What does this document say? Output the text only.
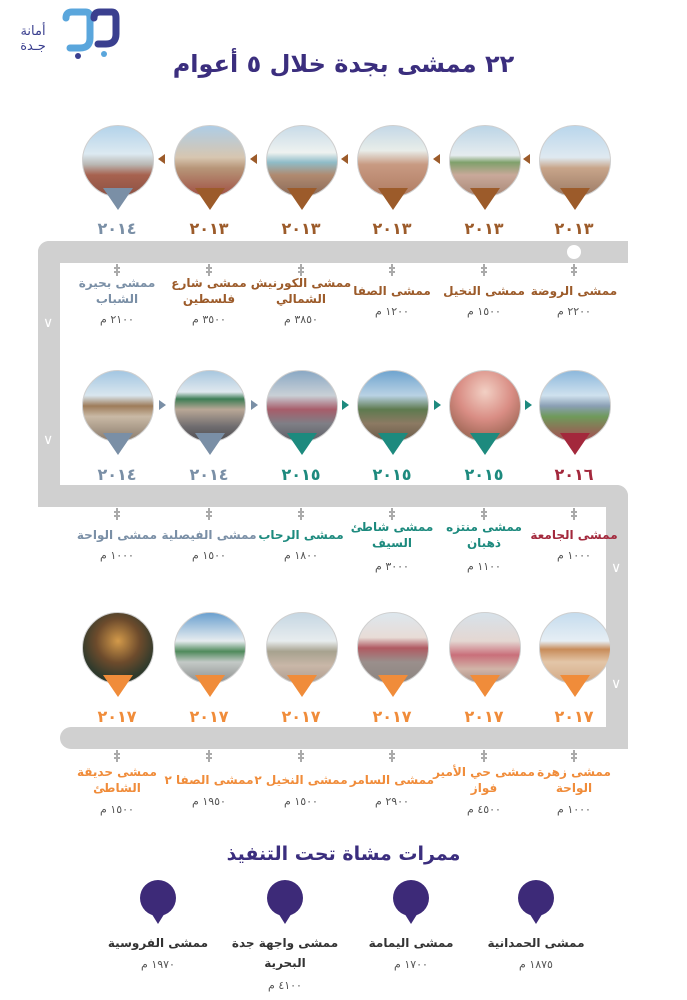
أمانة
جـدة
٢٢ ممشى بجدة خلال ٥ أعوام
∨
∨
∨
∨
٢٠١٣
ممشى الروضة
٢٢٠٠ م
٢٠١٣
ممشى النخيل
١٥٠٠ م
٢٠١٣
ممشى الصفا
١٢٠٠ م
٢٠١٣
ممشى الكورنيش الشمالي
٣٨٥٠ م
٢٠١٣
ممشى شارع فلسطين
٣٥٠٠ م
٢٠١٤
ممشى بحيرة الشباب
٢١٠٠ م
٢٠١٦
ممشى الجامعة
١٠٠٠ م
٢٠١٥
ممشى منتزه ذهبان
١١٠٠ م
٢٠١٥
ممشى شاطئ السيف
٣٠٠٠ م
٢٠١٥
ممشى الرحاب
١٨٠٠ م
٢٠١٤
ممشى الفيصلية
١٥٠٠ م
٢٠١٤
ممشى الواحة
١٠٠٠ م
٢٠١٧
ممشى زهرة الواحة
١٠٠٠ م
٢٠١٧
ممشى حي الأمير فواز
٤٥٠٠ م
٢٠١٧
ممشى السامر
٢٩٠٠ م
٢٠١٧
ممشى النخيل ٢
١٥٠٠ م
٢٠١٧
ممشى الصفا ٢
١٩٥٠ م
٢٠١٧
ممشى حديقة الشاطئ
١٥٠٠ م
ممرات مشاة تحت التنفيذ
ممشى الحمدانية
١٨٧٥ م
ممشى اليمامة
١٧٠٠ م
ممشى واجهة جدة البحرية
٤١٠٠ م
ممشى الفروسية
١٩٧٠ م
